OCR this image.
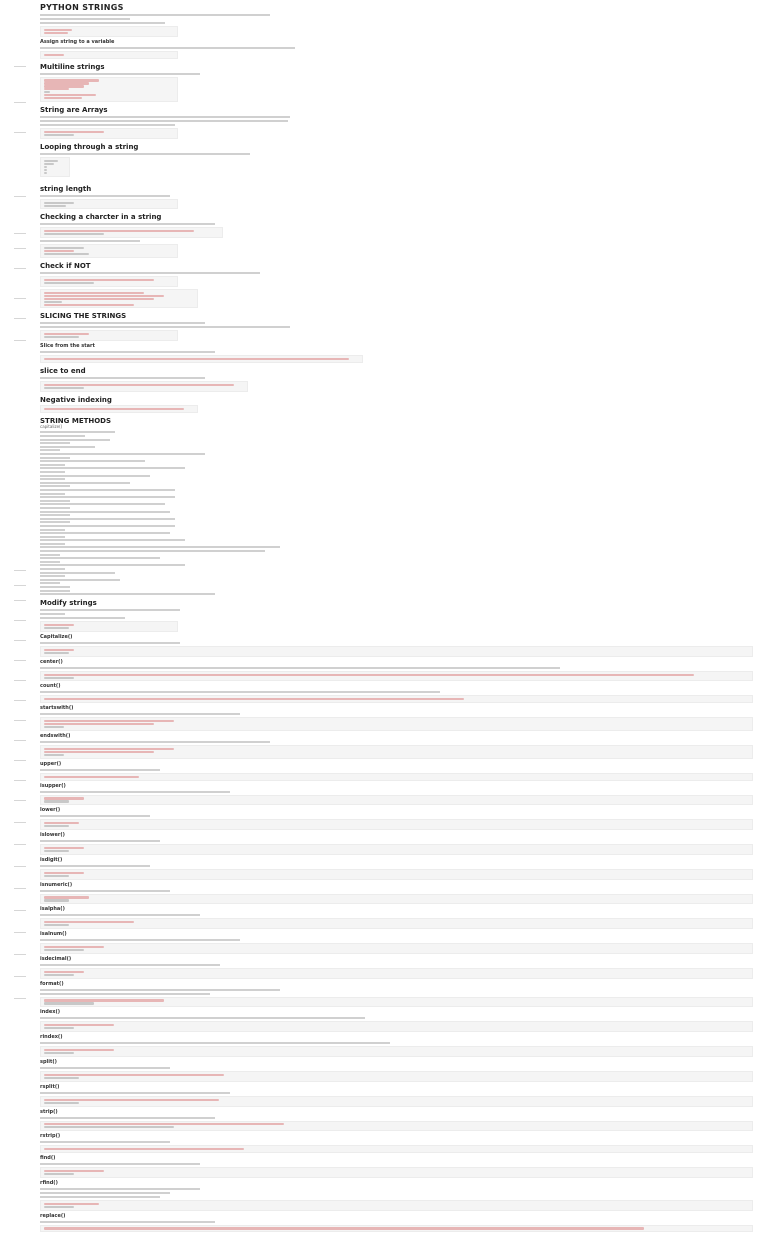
PYTHON STRINGS
Assign string to a variable
Multiline strings
String are Arrays
Looping through a string
string length
Checking a charcter in a string
Check if NOT
SLICING THE STRINGS
Slice from the start
slice to end
Negative indexing
STRING METHODS
capitalize()
Modify strings
Capitalize()
center()
count()
startswith()
endswith()
upper()
isupper()
lower()
islower()
isdigit()
isnumeric()
isalpha()
isalnum()
isdecimal()
format()
index()
rindex()
split()
rsplit()
strip()
rstrip()
find()
rfind()
replace()
